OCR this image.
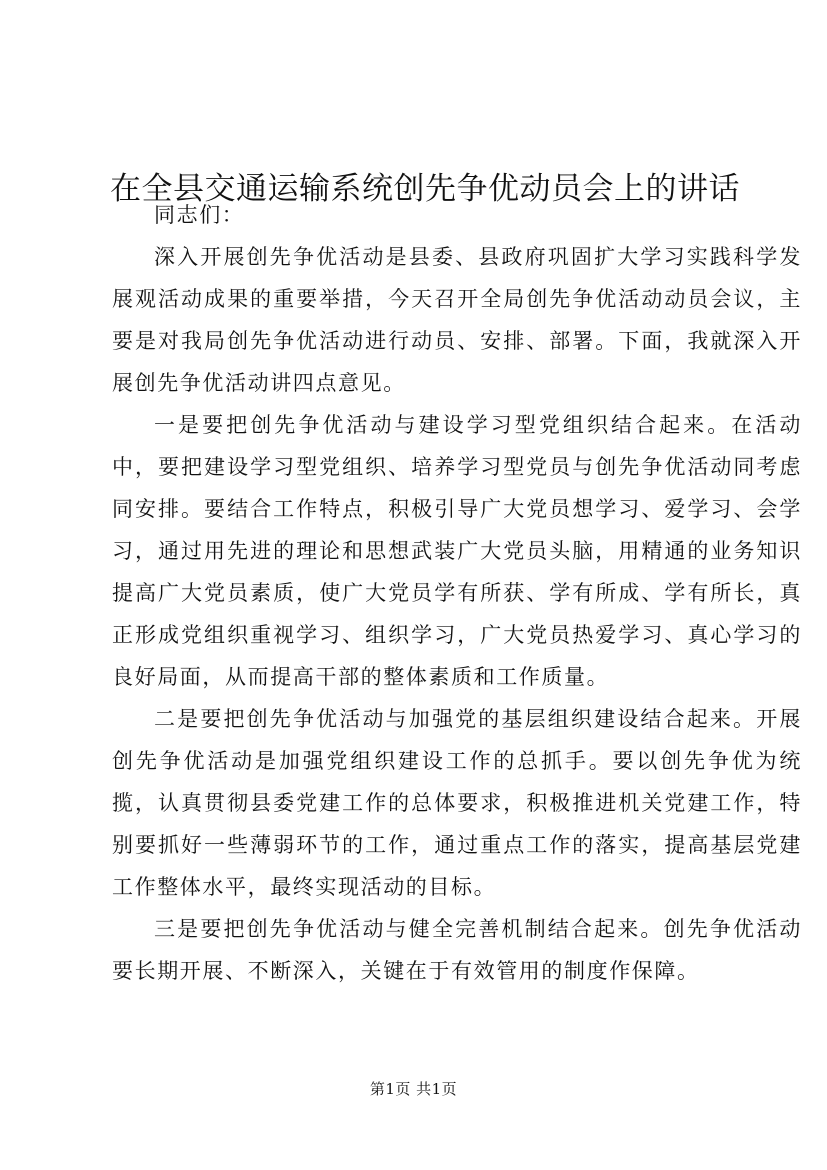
在全县交通运输系统创先争优动员会上的讲话

同志们：

深入开展创先争优活动是县委、县政府巩固扩大学习实践科学发展观活动成果的重要举措，今天召开全局创先争优活动动员会议，主要是对我局创先争优活动进行动员、安排、部署。下面，我就深入开展创先争优活动讲四点意见。

一是要把创先争优活动与建设学习型党组织结合起来。在活动中，要把建设学习型党组织、培养学习型党员与创先争优活动同考虑同安排。要结合工作特点，积极引导广大党员想学习、爱学习、会学习，通过用先进的理论和思想武装广大党员头脑，用精通的业务知识提高广大党员素质，使广大党员学有所获、学有所成、学有所长，真正形成党组织重视学习、组织学习，广大党员热爱学习、真心学习的良好局面，从而提高干部的整体素质和工作质量。

二是要把创先争优活动与加强党的基层组织建设结合起来。开展创先争优活动是加强党组织建设工作的总抓手。要以创先争优为统揽，认真贯彻县委党建工作的总体要求，积极推进机关党建工作，特别要抓好一些薄弱环节的工作，通过重点工作的落实，提高基层党建工作整体水平，最终实现活动的目标。

三是要把创先争优活动与健全完善机制结合起来。创先争优活动要长期开展、不断深入，关键在于有效管用的制度作保障。

第1页 共1页
